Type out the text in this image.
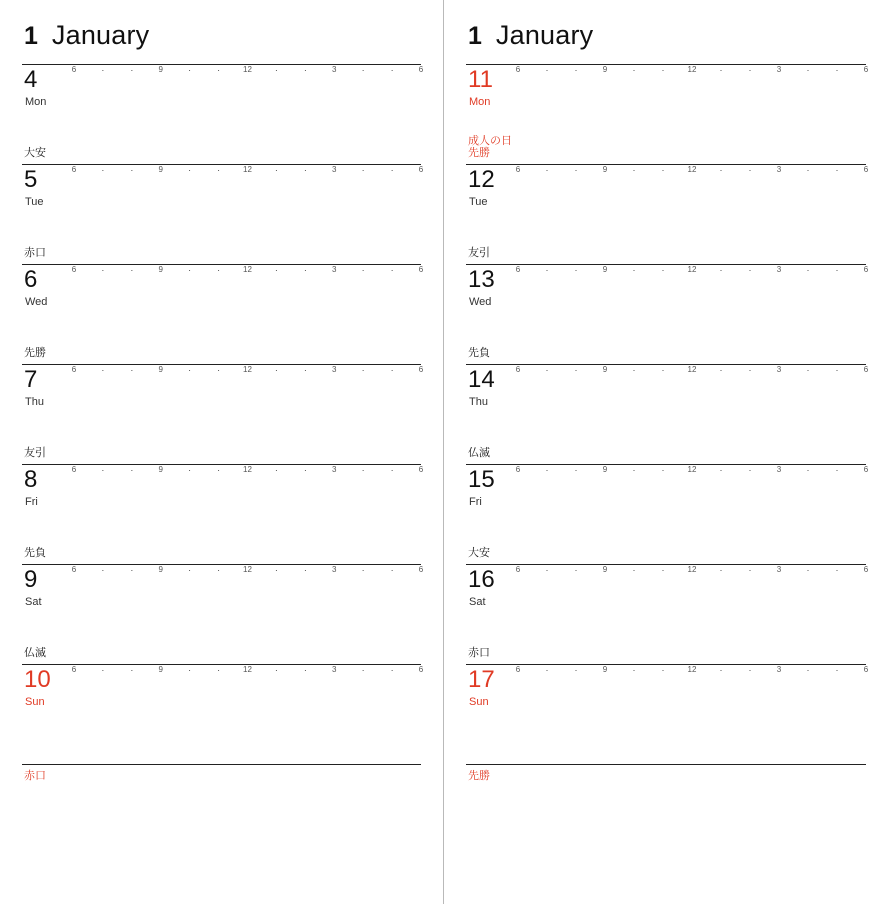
1 January
4
Mon
6	·	·	9	·	·	12	·	·	3	·	·	6
大安
5
Tue
6	·	·	9	·	·	12	·	·	3	·	·	6
赤口
6
Wed
6	·	·	9	·	·	12	·	·	3	·	·	6
先勝
7
Thu
6	·	·	9	·	·	12	·	·	3	·	·	6
友引
8
Fri
6	·	·	9	·	·	12	·	·	3	·	·	6
先負
9
Sat
6	·	·	9	·	·	12	·	·	3	·	·	6
仏滅
10
Sun
6	·	·	9	·	·	12	·	·	3	·	·	6
赤口
1 January
11
Mon
成人の日
6	·	·	9	·	·	12	·	·	3	·	·	6
先勝
12
Tue
6	·	·	9	·	·	12	·	·	3	·	·	6
友引
13
Wed
6	·	·	9	·	·	12	·	·	3	·	·	6
先負
14
Thu
6	·	·	9	·	·	12	·	·	3	·	·	6
仏滅
15
Fri
6	·	·	9	·	·	12	·	·	3	·	·	6
大安
16
Sat
6	·	·	9	·	·	12	·	·	3	·	·	6
赤口
17
Sun
6	·	·	9	·	·	12	·	·	3	·	·	6
先勝
